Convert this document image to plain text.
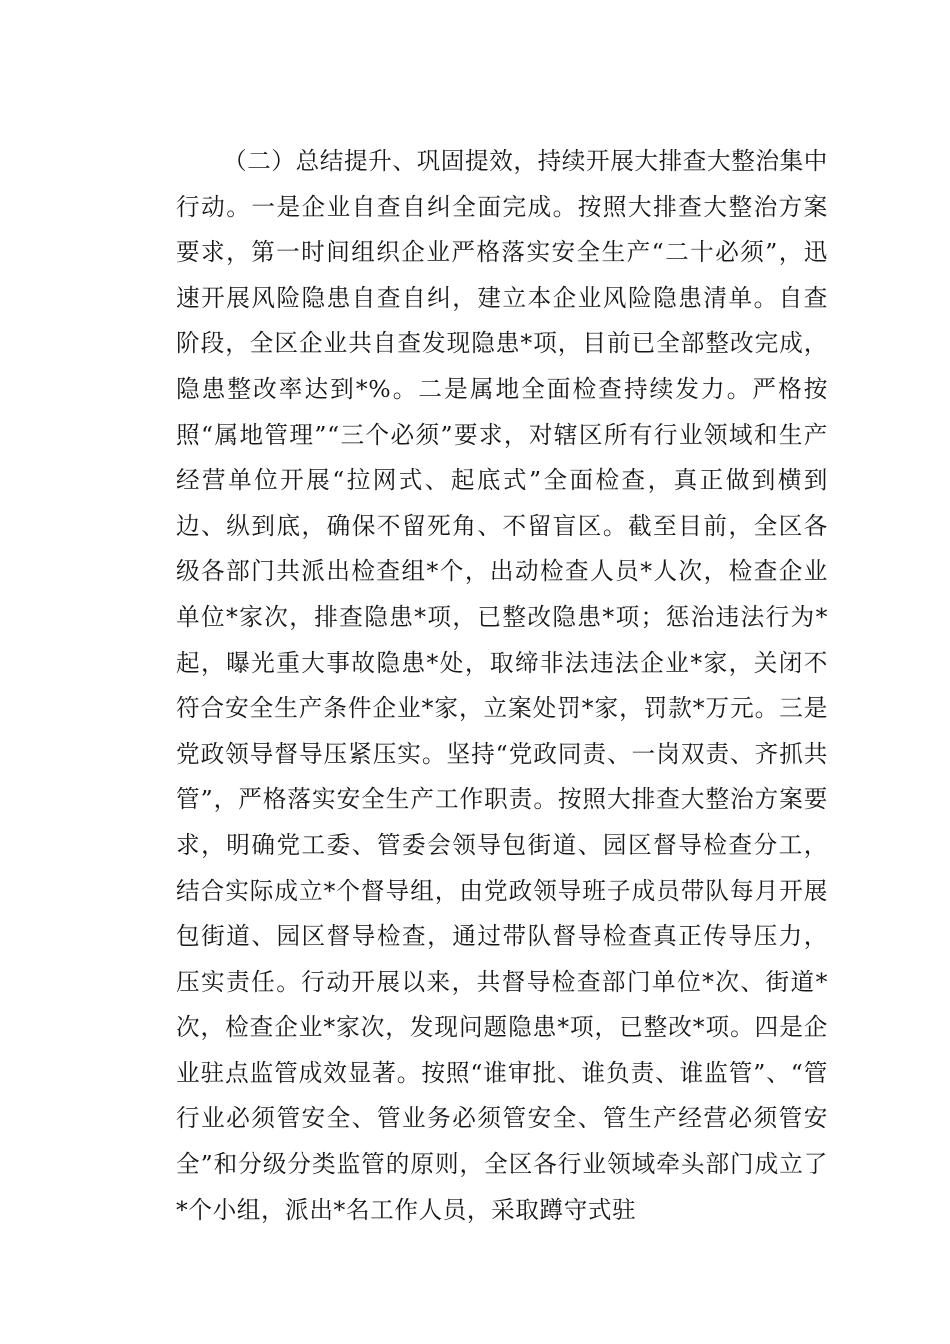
（二）总结提升、巩固提效，持续开展大排查大整治集中行动。一是企业自查自纠全面完成。按照大排查大整治方案要求，第一时间组织企业严格落实安全生产“二十必须”，迅速开展风险隐患自查自纠，建立本企业风险隐患清单。自查阶段，全区企业共自查发现隐患*项，目前已全部整改完成，隐患整改率达到*%。二是属地全面检查持续发力。严格按照“属地管理”“三个必须”要求，对辖区所有行业领域和生产经营单位开展“拉网式、起底式”全面检查，真正做到横到边、纵到底，确保不留死角、不留盲区。截至目前，全区各级各部门共派出检查组*个，出动检查人员*人次，检查企业单位*家次，排查隐患*项，已整改隐患*项；惩治违法行为*起，曝光重大事故隐患*处，取缔非法违法企业*家，关闭不符合安全生产条件企业*家，立案处罚*家，罚款*万元。三是党政领导督导压紧压实。坚持“党政同责、一岗双责、齐抓共管”，严格落实安全生产工作职责。按照大排查大整治方案要求，明确党工委、管委会领导包街道、园区督导检查分工，结合实际成立*个督导组，由党政领导班子成员带队每月开展包街道、园区督导检查，通过带队督导检查真正传导压力，压实责任。行动开展以来，共督导检查部门单位*次、街道*次，检查企业*家次，发现问题隐患*项，已整改*项。四是企业驻点监管成效显著。按照“谁审批、谁负责、谁监管”、“管行业必须管安全、管业务必须管安全、管生产经营必须管安全”和分级分类监管的原则，全区各行业领域牵头部门成立了*个小组，派出*名工作人员，采取蹲守式驻
